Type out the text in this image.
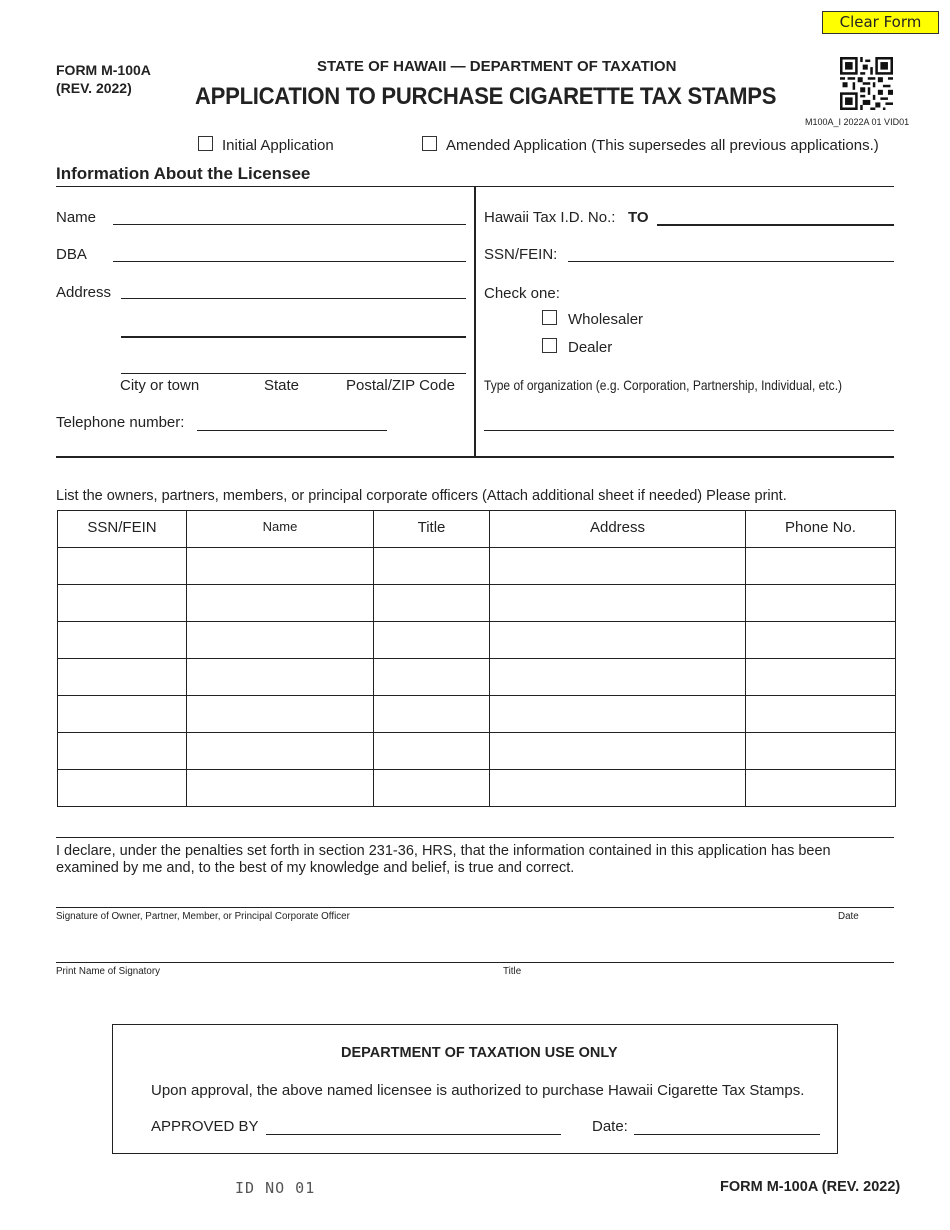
Clear Form
FORM M-100A
(REV. 2022)
STATE OF HAWAII — DEPARTMENT OF TAXATION
APPLICATION TO PURCHASE CIGARETTE TAX STAMPS
M100A_I 2022A 01 VID01
Initial Application	Amended Application (This supersedes all previous applications.)
Information About the Licensee
Name
DBA
Address
City or town	State	Postal/ZIP Code
Telephone number:
Hawaii Tax I.D. No.: TO
SSN/FEIN:
Check one:
Wholesaler
Dealer
Type of organization (e.g. Corporation, Partnership, Individual, etc.)
List the owners, partners, members, or principal corporate officers (Attach additional sheet if needed) Please print.
SSN/FEIN	Name	Title	Address	Phone No.

I declare, under the penalties set forth in section 231-36, HRS, that the information contained in this application has been examined by me and, to the best of my knowledge and belief, is true and correct.
Signature of Owner, Partner, Member, or Principal Corporate Officer	Date
Print Name of Signatory	Title
DEPARTMENT OF TAXATION USE ONLY
Upon approval, the above named licensee is authorized to purchase Hawaii Cigarette Tax Stamps.
APPROVED BY	Date:
ID NO 01	FORM M-100A (REV. 2022)
